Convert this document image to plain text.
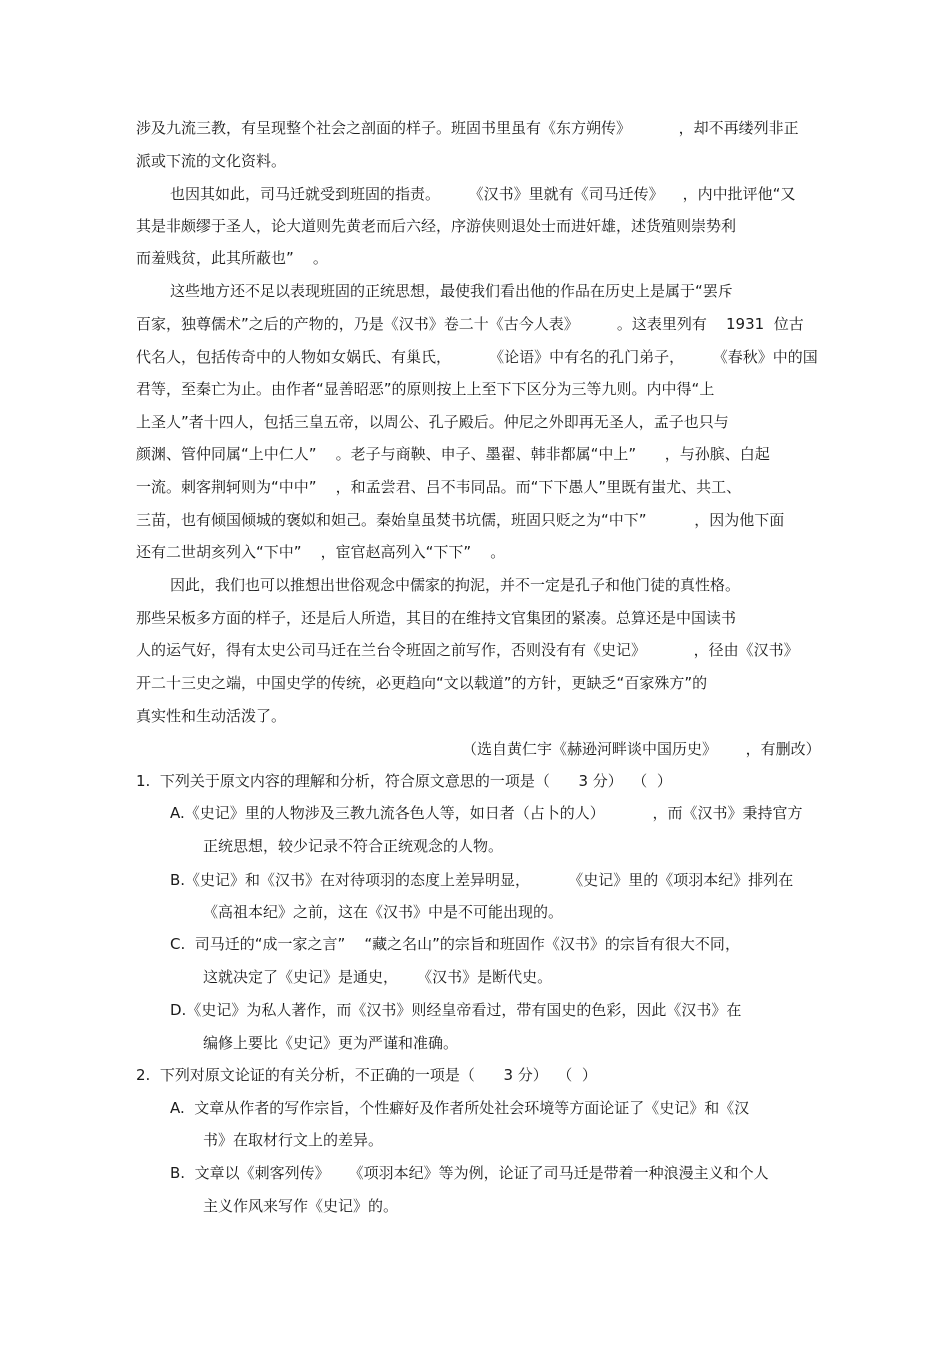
涉及九流三教，有呈现整个社会之剖面的样子。班固书里虽有《东方朔传》          ，却不再缕列非正
派或下流的文化资料。
也因其如此，司马迁就受到班固的指责。      《汉书》里就有《司马迁传》    ，内中批评他“又
其是非颇缪于圣人，论大道则先黄老而后六经，序游侠则退处士而进奸雄，述货殖则崇势利
而羞贱贫，此其所蔽也”    。
这些地方还不足以表现班固的正统思想，最使我们看出他的作品在历史上是属于“罢斥
百家，独尊儒术”之后的产物的，乃是《汉书》卷二十《古今人表》        。这表里列有    1931  位古
代名人，包括传奇中的人物如女娲氏、有巢氏，        《论语》中有名的孔门弟子，      《春秋》中的国
君等，至秦亡为止。由作者“显善昭恶”的原则按上上至下下区分为三等九则。内中得“上
上圣人”者十四人，包括三皇五帝，以周公、孔子殿后。仲尼之外即再无圣人，孟子也只与
颜渊、管仲同属“上中仁人”    。老子与商鞅、申子、墨翟、韩非都属“中上”      ，与孙膑、白起
一流。刺客荆轲则为“中中”    ，和孟尝君、吕不韦同品。而“下下愚人”里既有蚩尤、共工、
三苗，也有倾国倾城的褒姒和妲己。秦始皇虽焚书坑儒，班固只贬之为“中下”          ，因为他下面
还有二世胡亥列入“下中”    ，宦官赵高列入“下下”    。
因此，我们也可以推想出世俗观念中儒家的拘泥，并不一定是孔子和他门徒的真性格。
那些呆板多方面的样子，还是后人所造，其目的在维持文官集团的紧凑。总算还是中国读书
人的运气好，得有太史公司马迁在兰台令班固之前写作，否则没有有《史记》          ，径由《汉书》
开二十三史之端，中国史学的传统，必更趋向“文以载道”的方针，更缺乏“百家殊方”的
真实性和生动活泼了。
（选自黄仁宇《赫逊河畔谈中国历史》      ，有删改）
1.  下列关于原文内容的理解和分析，符合原文意思的一项是（      3 分）  （  ）
A.《史记》里的人物涉及三教九流各色人等，如日者（占卜的人）          ，而《汉书》秉持官方
正统思想，较少记录不符合正统观念的人物。
B.《史记》和《汉书》在对待项羽的态度上差异明显，        《史记》里的《项羽本纪》排列在
《高祖本纪》之前，这在《汉书》中是不可能出现的。
C.  司马迁的“成一家之言”    “藏之名山”的宗旨和班固作《汉书》的宗旨有很大不同，
这就决定了《史记》是通史，    《汉书》是断代史。
D.《史记》为私人著作，而《汉书》则经皇帝看过，带有国史的色彩，因此《汉书》在
编修上要比《史记》更为严谨和准确。
2.  下列对原文论证的有关分析，不正确的一项是（      3 分）  （  ）
A.  文章从作者的写作宗旨，个性癖好及作者所处社会环境等方面论证了《史记》和《汉
书》在取材行文上的差异。
B.  文章以《刺客列传》    《项羽本纪》等为例，论证了司马迁是带着一种浪漫主义和个人
主义作风来写作《史记》的。
